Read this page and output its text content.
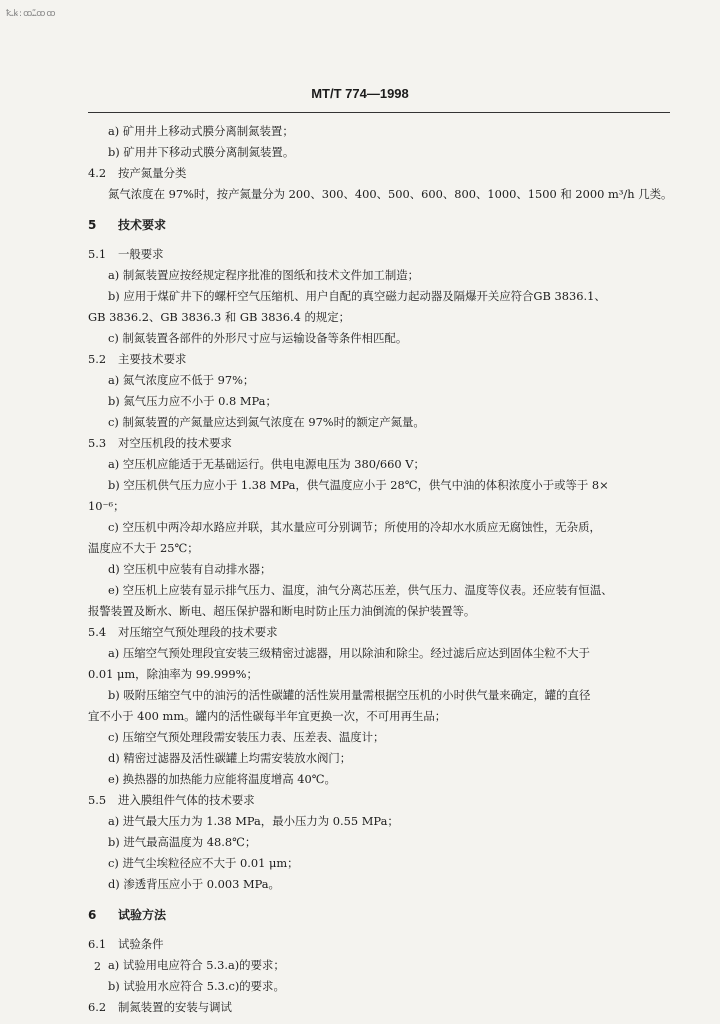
ꝁ꜡ꝃ꞉ꝏ꜡꜠꜡ꝏꝏ
MT/T 774—1998
a) 矿用井上移动式膜分离制氮装置；
b) 矿用井下移动式膜分离制氮装置。
4.2 按产氮量分类
氮气浓度在 97%时，按产氮量分为 200、300、400、500、600、800、1000、1500 和 2000 m³/h 几类。
5 技术要求
5.1 一般要求
a) 制氮装置应按经规定程序批准的图纸和技术文件加工制造；
b) 应用于煤矿井下的螺杆空气压缩机、用户自配的真空磁力起动器及隔爆开关应符合GB 3836.1、
GB 3836.2、GB 3836.3 和 GB 3836.4 的规定；
c) 制氮装置各部件的外形尺寸应与运输设备等条件相匹配。
5.2 主要技术要求
a) 氮气浓度应不低于 97%；
b) 氮气压力应不小于 0.8 MPa；
c) 制氮装置的产氮量应达到氮气浓度在 97%时的额定产氮量。
5.3 对空压机段的技术要求
a) 空压机应能适于无基础运行。供电电源电压为 380/660 V；
b) 空压机供气压力应小于 1.38 MPa，供气温度应小于 28℃，供气中油的体积浓度小于或等于 8×
10⁻⁶；
c) 空压机中两冷却水路应并联，其水量应可分别调节；所使用的冷却水水质应无腐蚀性，无杂质，
温度应不大于 25℃；
d) 空压机中应装有自动排水器；
e) 空压机上应装有显示排气压力、温度，油气分离芯压差，供气压力、温度等仪表。还应装有恒温、
报警装置及断水、断电、超压保护器和断电时防止压力油倒流的保护装置等。
5.4 对压缩空气预处理段的技术要求
a) 压缩空气预处理段宜安装三级精密过滤器，用以除油和除尘。经过滤后应达到固体尘粒不大于
0.01 μm，除油率为 99.999%；
b) 吸附压缩空气中的油污的活性碳罐的活性炭用量需根据空压机的小时供气量来确定，罐的直径
宜不小于 400 mm。罐内的活性碳每半年宜更换一次，不可用再生品；
c) 压缩空气预处理段需安装压力表、压差表、温度计；
d) 精密过滤器及活性碳罐上均需安装放水阀门；
e) 换热器的加热能力应能将温度增高 40℃。
5.5 进入膜组件气体的技术要求
a) 进气最大压力为 1.38 MPa，最小压力为 0.55 MPa；
b) 进气最高温度为 48.8℃；
c) 进气尘埃粒径应不大于 0.01 μm；
d) 渗透背压应小于 0.003 MPa。
6 试验方法
6.1 试验条件
a) 试验用电应符合 5.3.a)的要求；
b) 试验用水应符合 5.3.c)的要求。
6.2 制氮装置的安装与调试
2
